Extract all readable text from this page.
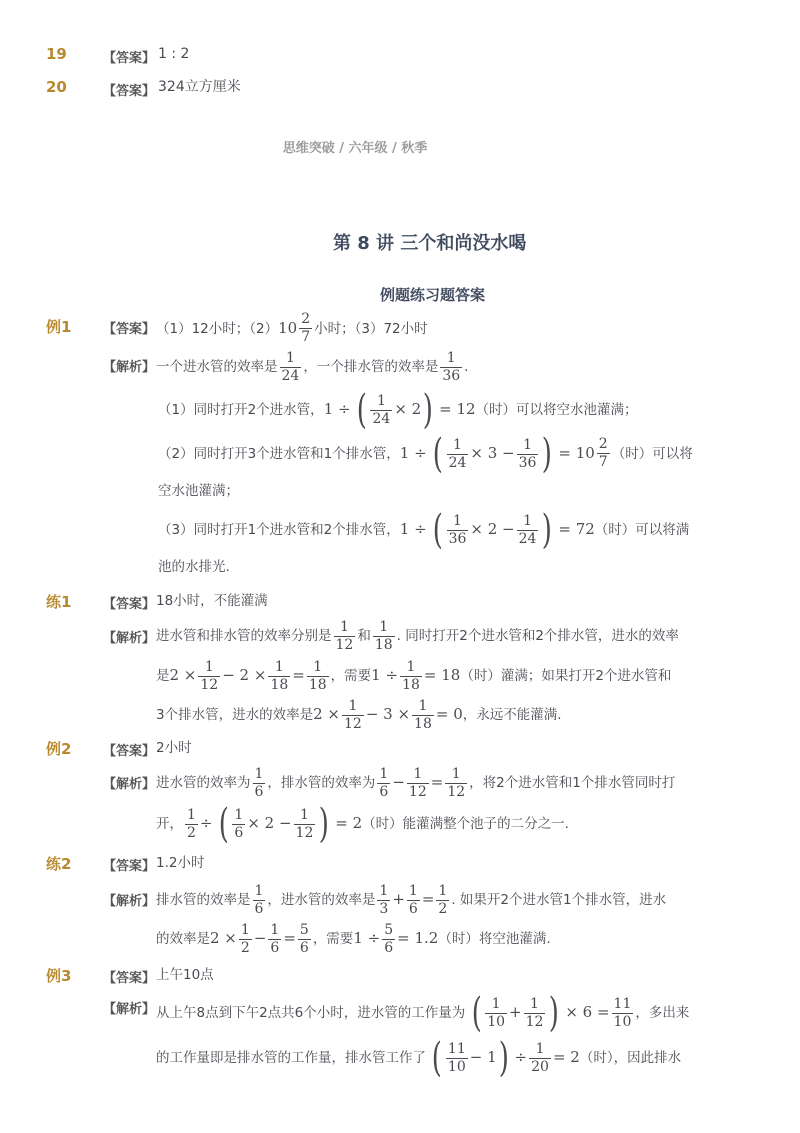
19	【答案】 1 : 2
20	【答案】 324立方厘米
思维突破 / 六年级 / 秋季
第 8 讲 三个和尚没水喝
例题练习题答案
例1 【答案】 （1）12小时；（2） $10 \frac{2}{7}$ 小时；（3）72小时
【解析】 一个进水管的效率是 $\frac{1}{24}$ ，一个排水管的效率是 $\frac{1}{36}$ .
（1）同时打开2个进水管，1 ÷ ( $\frac{1}{24} \times 2) = 12$（时）可以将空水池灌满；
（2）同时打开3个进水管和1个排水管，1 ÷ ( $\frac{1}{24} \times 3 - \frac{1}{36}$ ) = $10 \frac{2}{7}$ （时）可以将
空水池灌满；
（3）同时打开1个进水管和2个排水管，1 ÷ ( $\frac{1}{36} \times 2 - \frac{1}{24}$ ) = 72（时）可以将满
池的水排光.
练1 【答案】 18小时，不能灌满
【解析】 进水管和排水管的效率分别是 $\frac{1}{12}$ 和 $\frac{1}{18}$ . 同时打开2个进水管和2个排水管，进水的效率
是$2 \times \frac{1}{12} - 2 \times \frac{1}{18} = \frac{1}{18}$ ，需要$1 \div \frac{1}{18} = 18$（时）灌满；如果打开2个进水管和
3个排水管，进水的效率是$2 \times \frac{1}{12} - 3 \times \frac{1}{18} = 0$，永远不能灌满.
例2 【答案】 2小时
【解析】 进水管的效率为 $\frac{1}{6}$ ，排水管的效率为 $\frac{1}{6} - \frac{1}{12} = \frac{1}{12}$ ，将2个进水管和1个排水管同时打
开， $\frac{1}{2}$ ÷ ( $\frac{1}{6} \times 2 - \frac{1}{12}$ ) = 2（时）能灌满整个池子的二分之一.
练2 【答案】 1.2小时
【解析】 排水管的效率是 $\frac{1}{6}$ ，进水管的效率是 $\frac{1}{3} + \frac{1}{6} = \frac{1}{2}$ . 如果开2个进水管1个排水管，进水
的效率是$2 \times \frac{1}{2} - \frac{1}{6} = \frac{5}{6}$ ，需要$1 \div \frac{5}{6} = 1.2$（时）将空池灌满.
例3 【答案】 上午10点
【解析】 从上午8点到下午2点共6个小时，进水管的工作量为 ( $\frac{1}{10} + \frac{1}{12}$ ) × $6 = \frac{11}{10}$ ，多出来
的工作量即是排水管的工作量，排水管工作了 ( $\frac{11}{10} - 1) \div \frac{1}{20} = 2$（时），因此排水
